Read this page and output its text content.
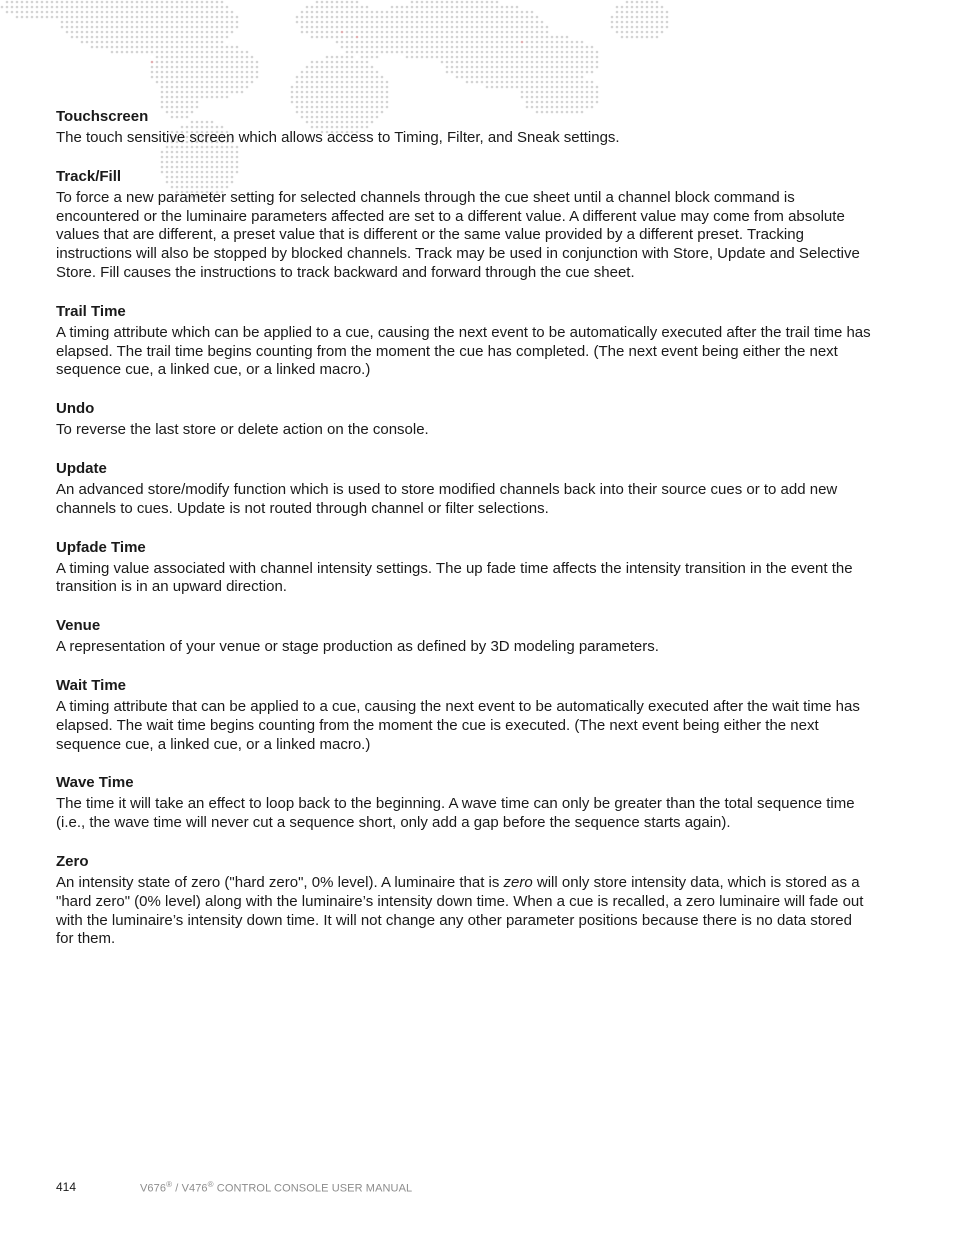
Touchscreen

The touch sensitive screen which allows access to Timing, Filter, and Sneak settings.

Track/Fill

To force a new parameter setting for selected channels through the cue sheet until a channel block command is encountered or the luminaire parameters affected are set to a different value. A different value may come from absolute values that are different, a preset value that is different or the same value provided by a different preset. Tracking instructions will also be stopped by blocked channels. Track may be used in conjunction with Store, Update and Selective Store. Fill causes the instructions to track backward and forward through the cue sheet.

Trail Time

A timing attribute which can be applied to a cue, causing the next event to be automatically executed after the trail time has elapsed. The trail time begins counting from the moment the cue has completed. (The next event being either the next sequence cue, a linked cue, or a linked macro.)

Undo

To reverse the last store or delete action on the console.

Update

An advanced store/modify function which is used to store modified channels back into their source cues or to add new channels to cues. Update is not routed through channel or filter selections.

Upfade Time

A timing value associated with channel intensity settings. The up fade time affects the intensity transition in the event the transition is in an upward direction.

Venue

A representation of your venue or stage production as defined by 3D modeling parameters.

Wait Time

A timing attribute that can be applied to a cue, causing the next event to be automatically executed after the wait time has elapsed. The wait time begins counting from the moment the cue is executed. (The next event being either the next sequence cue, a linked cue, or a linked macro.)

Wave Time

The time it will take an effect to loop back to the beginning. A wave time can only be greater than the total sequence time (i.e., the wave time will never cut a sequence short, only add a gap before the sequence starts again).

Zero

An intensity state of zero ("hard zero", 0% level). A luminaire that is zero will only store intensity data, which is stored as a "hard zero" (0% level) along with the luminaire’s intensity down time. When a cue is recalled, a zero luminaire will fade out with the luminaire’s intensity down time. It will not change any other parameter positions because there is no data stored for them.

414	V676® / V476® CONTROL CONSOLE USER MANUAL
